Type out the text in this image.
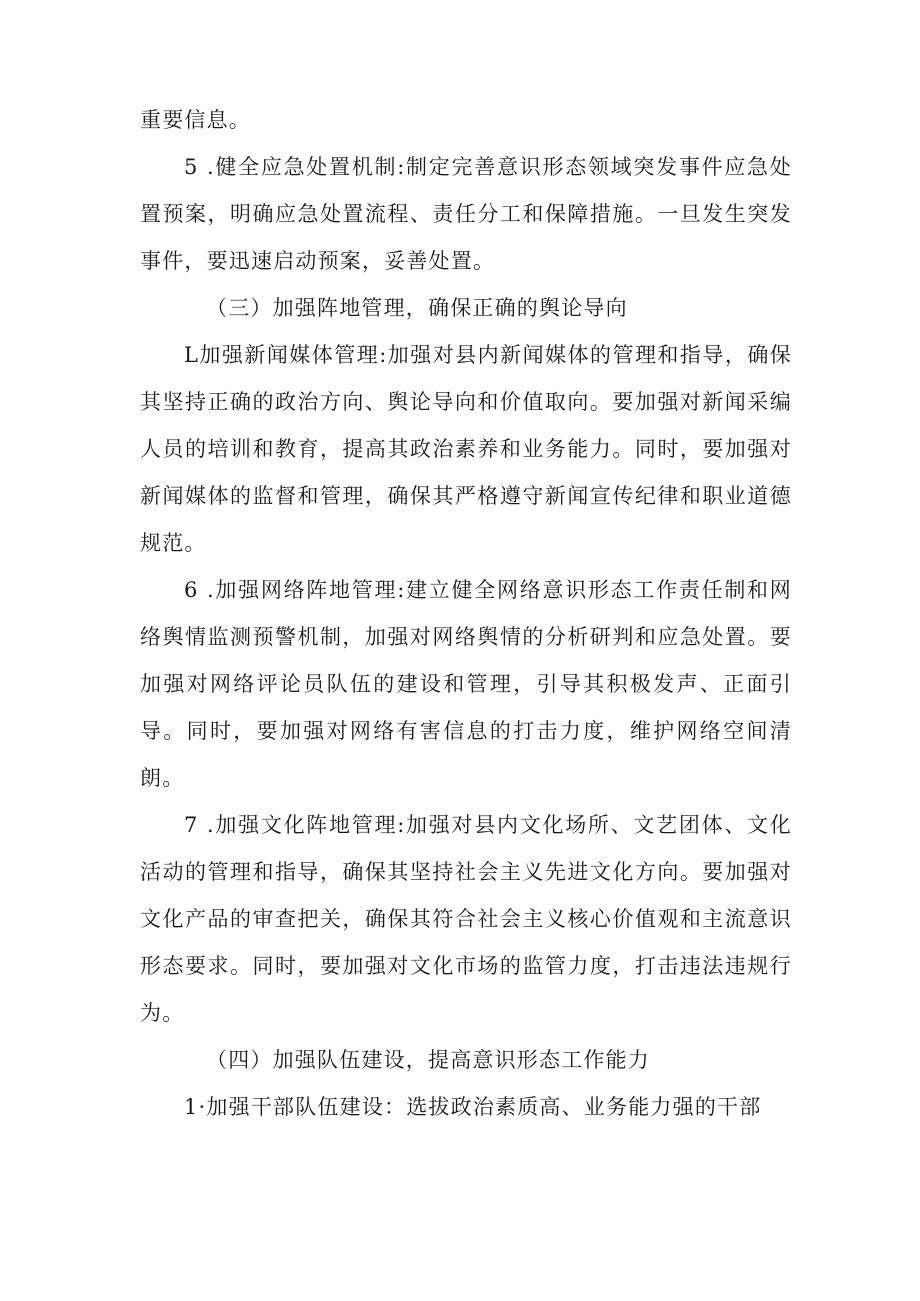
重要信息。

5 .健全应急处置机制:制定完善意识形态领域突发事件应急处置预案，明确应急处置流程、责任分工和保障措施。一旦发生突发事件，要迅速启动预案，妥善处置。

（三）加强阵地管理，确保正确的舆论导向

L加强新闻媒体管理:加强对县内新闻媒体的管理和指导，确保其坚持正确的政治方向、舆论导向和价值取向。要加强对新闻采编人员的培训和教育，提高其政治素养和业务能力。同时，要加强对新闻媒体的监督和管理，确保其严格遵守新闻宣传纪律和职业道德规范。

6 .加强网络阵地管理:建立健全网络意识形态工作责任制和网络舆情监测预警机制，加强对网络舆情的分析研判和应急处置。要加强对网络评论员队伍的建设和管理，引导其积极发声、正面引导。同时，要加强对网络有害信息的打击力度，维护网络空间清朗。

7 .加强文化阵地管理:加强对县内文化场所、文艺团体、文化活动的管理和指导，确保其坚持社会主义先进文化方向。要加强对文化产品的审查把关，确保其符合社会主义核心价值观和主流意识形态要求。同时，要加强对文化市场的监管力度，打击违法违规行为。

（四）加强队伍建设，提高意识形态工作能力

1·加强干部队伍建设：选拔政治素质高、业务能力强的干部
